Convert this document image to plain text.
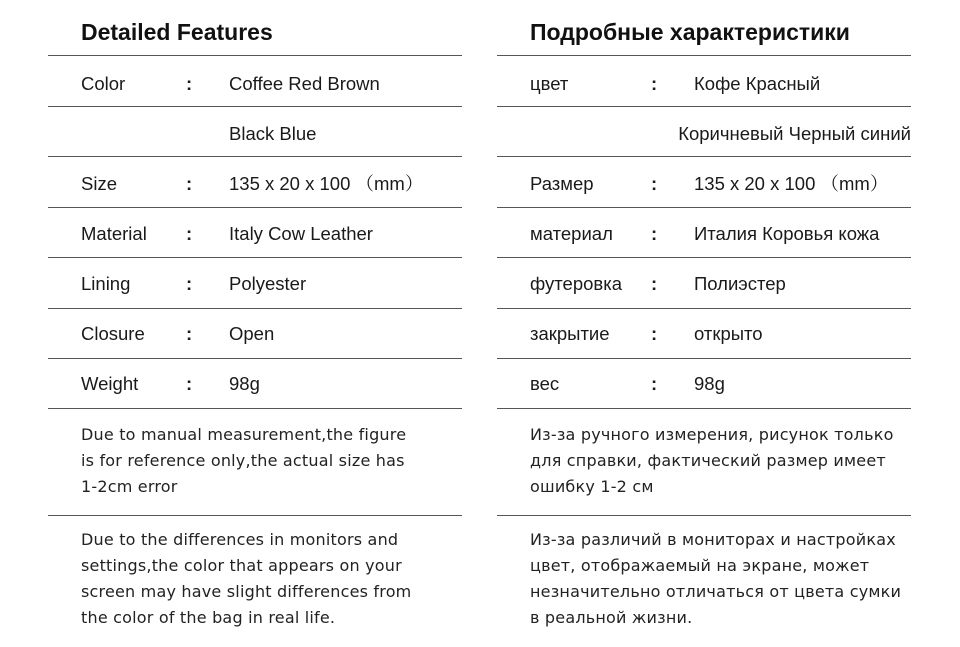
Detailed Features
Color	: Coffee Red Brown
Black Blue
Size	: 135 x 20 x 100 （mm）
Material : Italy Cow Leather
Lining	: Polyester
Closure : Open
Weight	: 98g
Due to manual measurement,the figure
is for reference only,the actual size has
1-2cm error
Due to the differences in monitors and
settings,the color that appears on your
screen may have slight differences from
the color of the bag in real life.
Подробные характеристики
цвет	: Кофе Красный
Коричневый Черный синий
Размер	: 135 x 20 x 100 （mm）
материал : Италия Коровья кожа
футеровка : Полиэстер
закрытие : открыто
вес	: 98g
Из-за ручного измерения, рисунок только
для справки, фактический размер имеет
ошибку 1-2 см
Из-за различий в мониторах и настройках
цвет, отображаемый на экране, может
незначительно отличаться от цвета сумки
в реальной жизни.
